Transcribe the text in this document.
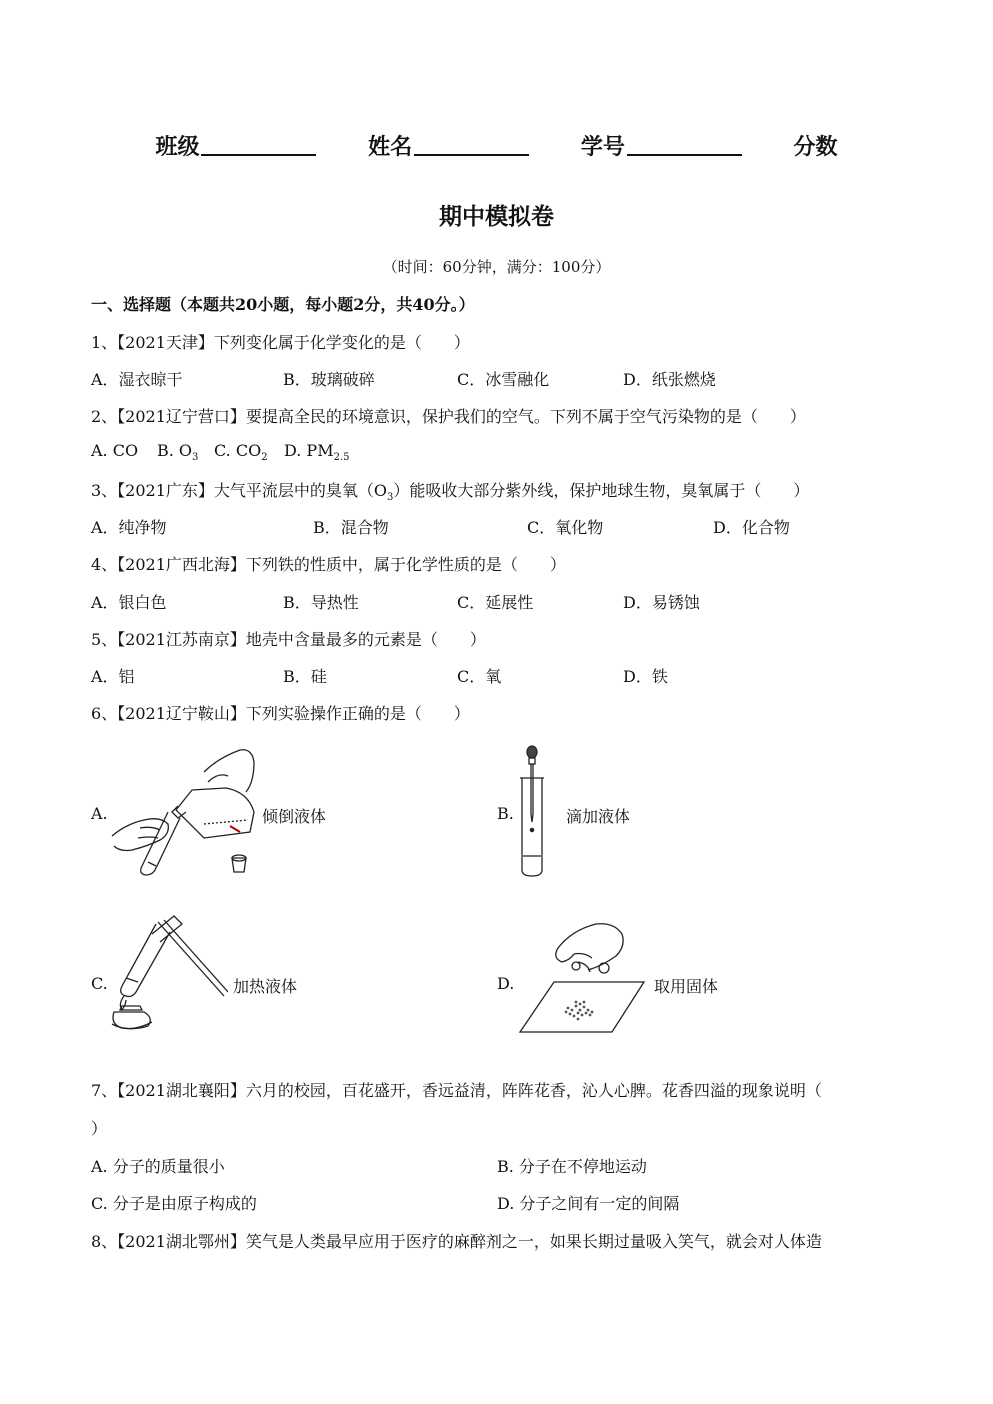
班级	姓名	学号	分数
期中模拟卷
（时间：60分钟，满分：100分）
一、选择题（本题共20小题，每小题2分，共40分。）
1、【2021天津】下列变化属于化学变化的是（　　）
A．湿衣晾干	B．玻璃破碎	C．冰雪融化	D．纸张燃烧
2、【2021辽宁营口】要提高全民的环境意识，保护我们的空气。下列不属于空气污染物的是（　　）
A. CO B. $O_3$ C. $CO_2$ D. $PM_{2.5}$
3、【2021广东】大气平流层中的臭氧$(O_3)$能吸收大部分紫外线，保护地球生物，臭氧属于（　　）
A．纯净物	B．混合物	C．氧化物	D．化合物
4、【2021广西北海】下列铁的性质中，属于化学性质的是（　　）
A．银白色	B．导热性	C．延展性	D．易锈蚀
5、【2021江苏南京】地壳中含量最多的元素是（　　）
A．铝	B．硅	C．氧	D．铁
6、【2021辽宁鞍山】下列实验操作正确的是（　　）
A.	倾倒液体	B.	滴加液体
C.	加热液体	D.	取用固体
7、【2021湖北襄阳】六月的校园，百花盛开，香远益清，阵阵花香，沁人心脾。花香四溢的现象说明（
）
A. 分子的质量很小	B. 分子在不停地运动
C. 分子是由原子构成的	D. 分子之间有一定的间隔
8、【2021湖北鄂州】笑气是人类最早应用于医疗的麻醉剂之一，如果长期过量吸入笑气，就会对人体造
